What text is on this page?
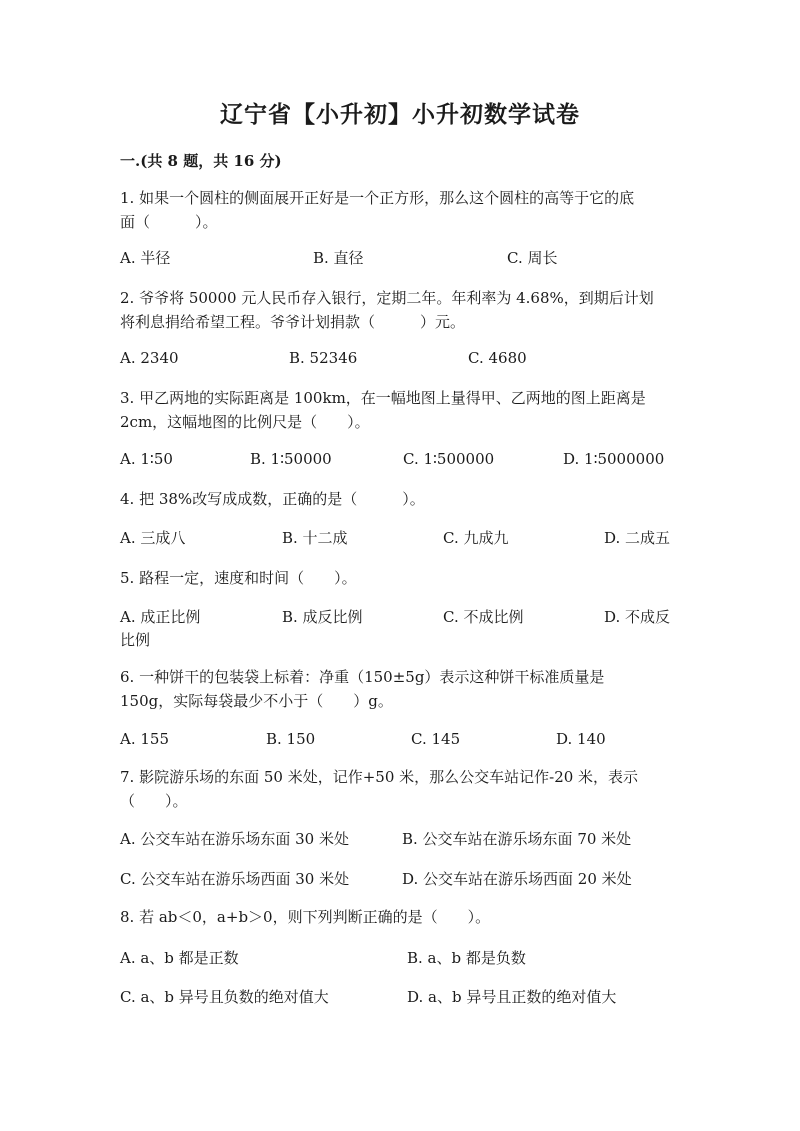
辽宁省【小升初】小升初数学试卷
一.(共 8 题，共 16 分)
1. 如果一个圆柱的侧面展开正好是一个正方形，那么这个圆柱的高等于它的底
面（　　　）。
A. 半径	B. 直径	C. 周长
2. 爷爷将 50000 元人民币存入银行，定期二年。年利率为 4.68%，到期后计划
将利息捐给希望工程。爷爷计划捐款（　　　）元。
A. 2340	B. 52346	C. 4680
3. 甲乙两地的实际距离是 100km，在一幅地图上量得甲、乙两地的图上距离是
2cm，这幅地图的比例尺是（　　）。
A. 1∶50	B. 1∶50000	C. 1∶500000	D. 1∶5000000
4. 把 38%改写成成数，正确的是（　　　）。
A. 三成八	B. 十二成	C. 九成九	D. 二成五
5. 路程一定，速度和时间（　　）。
A. 成正比例	B. 成反比例	C. 不成比例	D. 不成反
比例
6. 一种饼干的包装袋上标着：净重（150±5g）表示这种饼干标准质量是
150g，实际每袋最少不小于（　　）g。
A. 155	B. 150	C. 145	D. 140
7. 影院游乐场的东面 50 米处，记作+50 米，那么公交车站记作-20 米，表示
（　　）。
A. 公交车站在游乐场东面 30 米处	B. 公交车站在游乐场东面 70 米处
C. 公交车站在游乐场西面 30 米处	D. 公交车站在游乐场西面 20 米处
8. 若 ab＜0，a+b＞0，则下列判断正确的是（　　）。
A. a、b 都是正数	B. a、b 都是负数
C. a、b 异号且负数的绝对值大	D. a、b 异号且正数的绝对值大
